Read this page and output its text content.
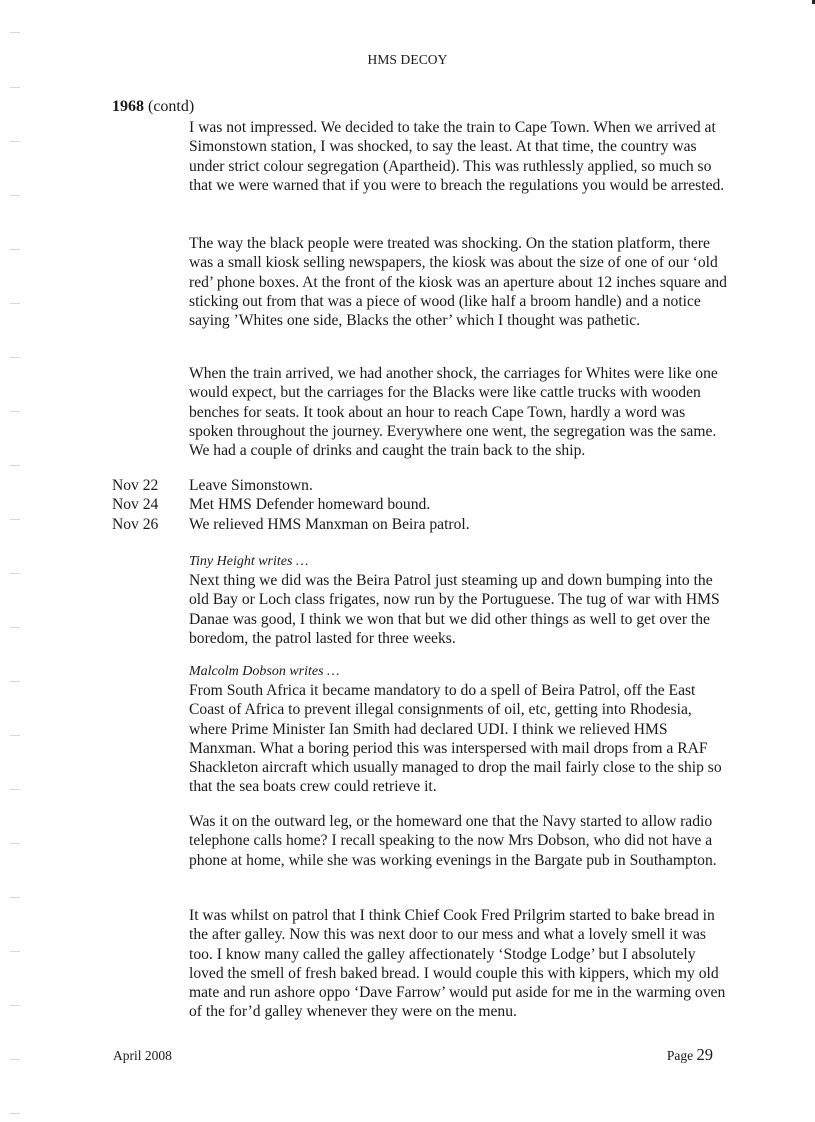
HMS DECOY
1968 (contd)

I was not impressed. We decided to take the train to Cape Town. When we arrived at Simonstown station, I was shocked, to say the least. At that time, the country was under strict colour segregation (Apartheid). This was ruthlessly applied, so much so that we were warned that if you were to breach the regulations you would be arrested.

The way the black people were treated was shocking. On the station platform, there was a small kiosk selling newspapers, the kiosk was about the size of one of our ‘old red’ phone boxes. At the front of the kiosk was an aperture about 12 inches square and sticking out from that was a piece of wood (like half a broom handle) and a notice saying ’Whites one side, Blacks the other’ which I thought was pathetic.

When the train arrived, we had another shock, the carriages for Whites were like one would expect, but the carriages for the Blacks were like cattle trucks with wooden benches for seats. It took about an hour to reach Cape Town, hardly a word was spoken throughout the journey. Everywhere one went, the segregation was the same. We had a couple of drinks and caught the train back to the ship.

Nov 22	Leave Simonstown.
Nov 24	Met HMS Defender homeward bound.
Nov 26	We relieved HMS Manxman on Beira patrol.
Tiny Height writes …

Next thing we did was the Beira Patrol just steaming up and down bumping into the old Bay or Loch class frigates, now run by the Portuguese. The tug of war with HMS Danae was good, I think we won that but we did other things as well to get over the boredom, the patrol lasted for three weeks.

Malcolm Dobson writes …

From South Africa it became mandatory to do a spell of Beira Patrol, off the East Coast of Africa to prevent illegal consignments of oil, etc, getting into Rhodesia, where Prime Minister Ian Smith had declared UDI. I think we relieved HMS Manxman. What a boring period this was interspersed with mail drops from a RAF Shackleton aircraft which usually managed to drop the mail fairly close to the ship so that the sea boats crew could retrieve it.

Was it on the outward leg, or the homeward one that the Navy started to allow radio telephone calls home? I recall speaking to the now Mrs Dobson, who did not have a phone at home, while she was working evenings in the Bargate pub in Southampton.

It was whilst on patrol that I think Chief Cook Fred Prilgrim started to bake bread in the after galley. Now this was next door to our mess and what a lovely smell it was too. I know many called the galley affectionately ‘Stodge Lodge’ but I absolutely loved the smell of fresh baked bread. I would couple this with kippers, which my old mate and run ashore oppo ‘Dave Farrow’ would put aside for me in the warming oven of the for’d galley whenever they were on the menu.

April 2008	Page 29
